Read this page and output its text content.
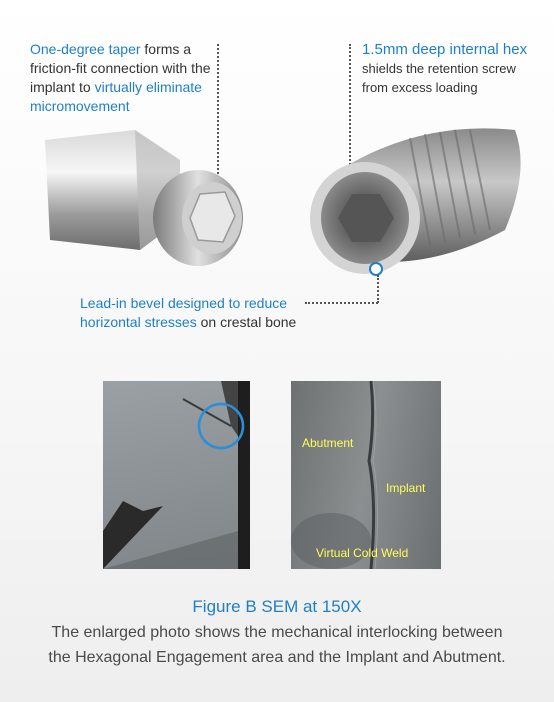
One-degree taper forms a friction-fit connection with the implant to virtually eliminate micromovement
1.5mm deep internal hex
shields the retention screw from excess loading
Lead-in bevel designed to reduce horizontal stresses on crestal bone
Abutment
Implant
Virtual Cold Weld
Figure B SEM at 150X
The enlarged photo shows the mechanical interlocking between
the Hexagonal Engagement area and the Implant and Abutment.
